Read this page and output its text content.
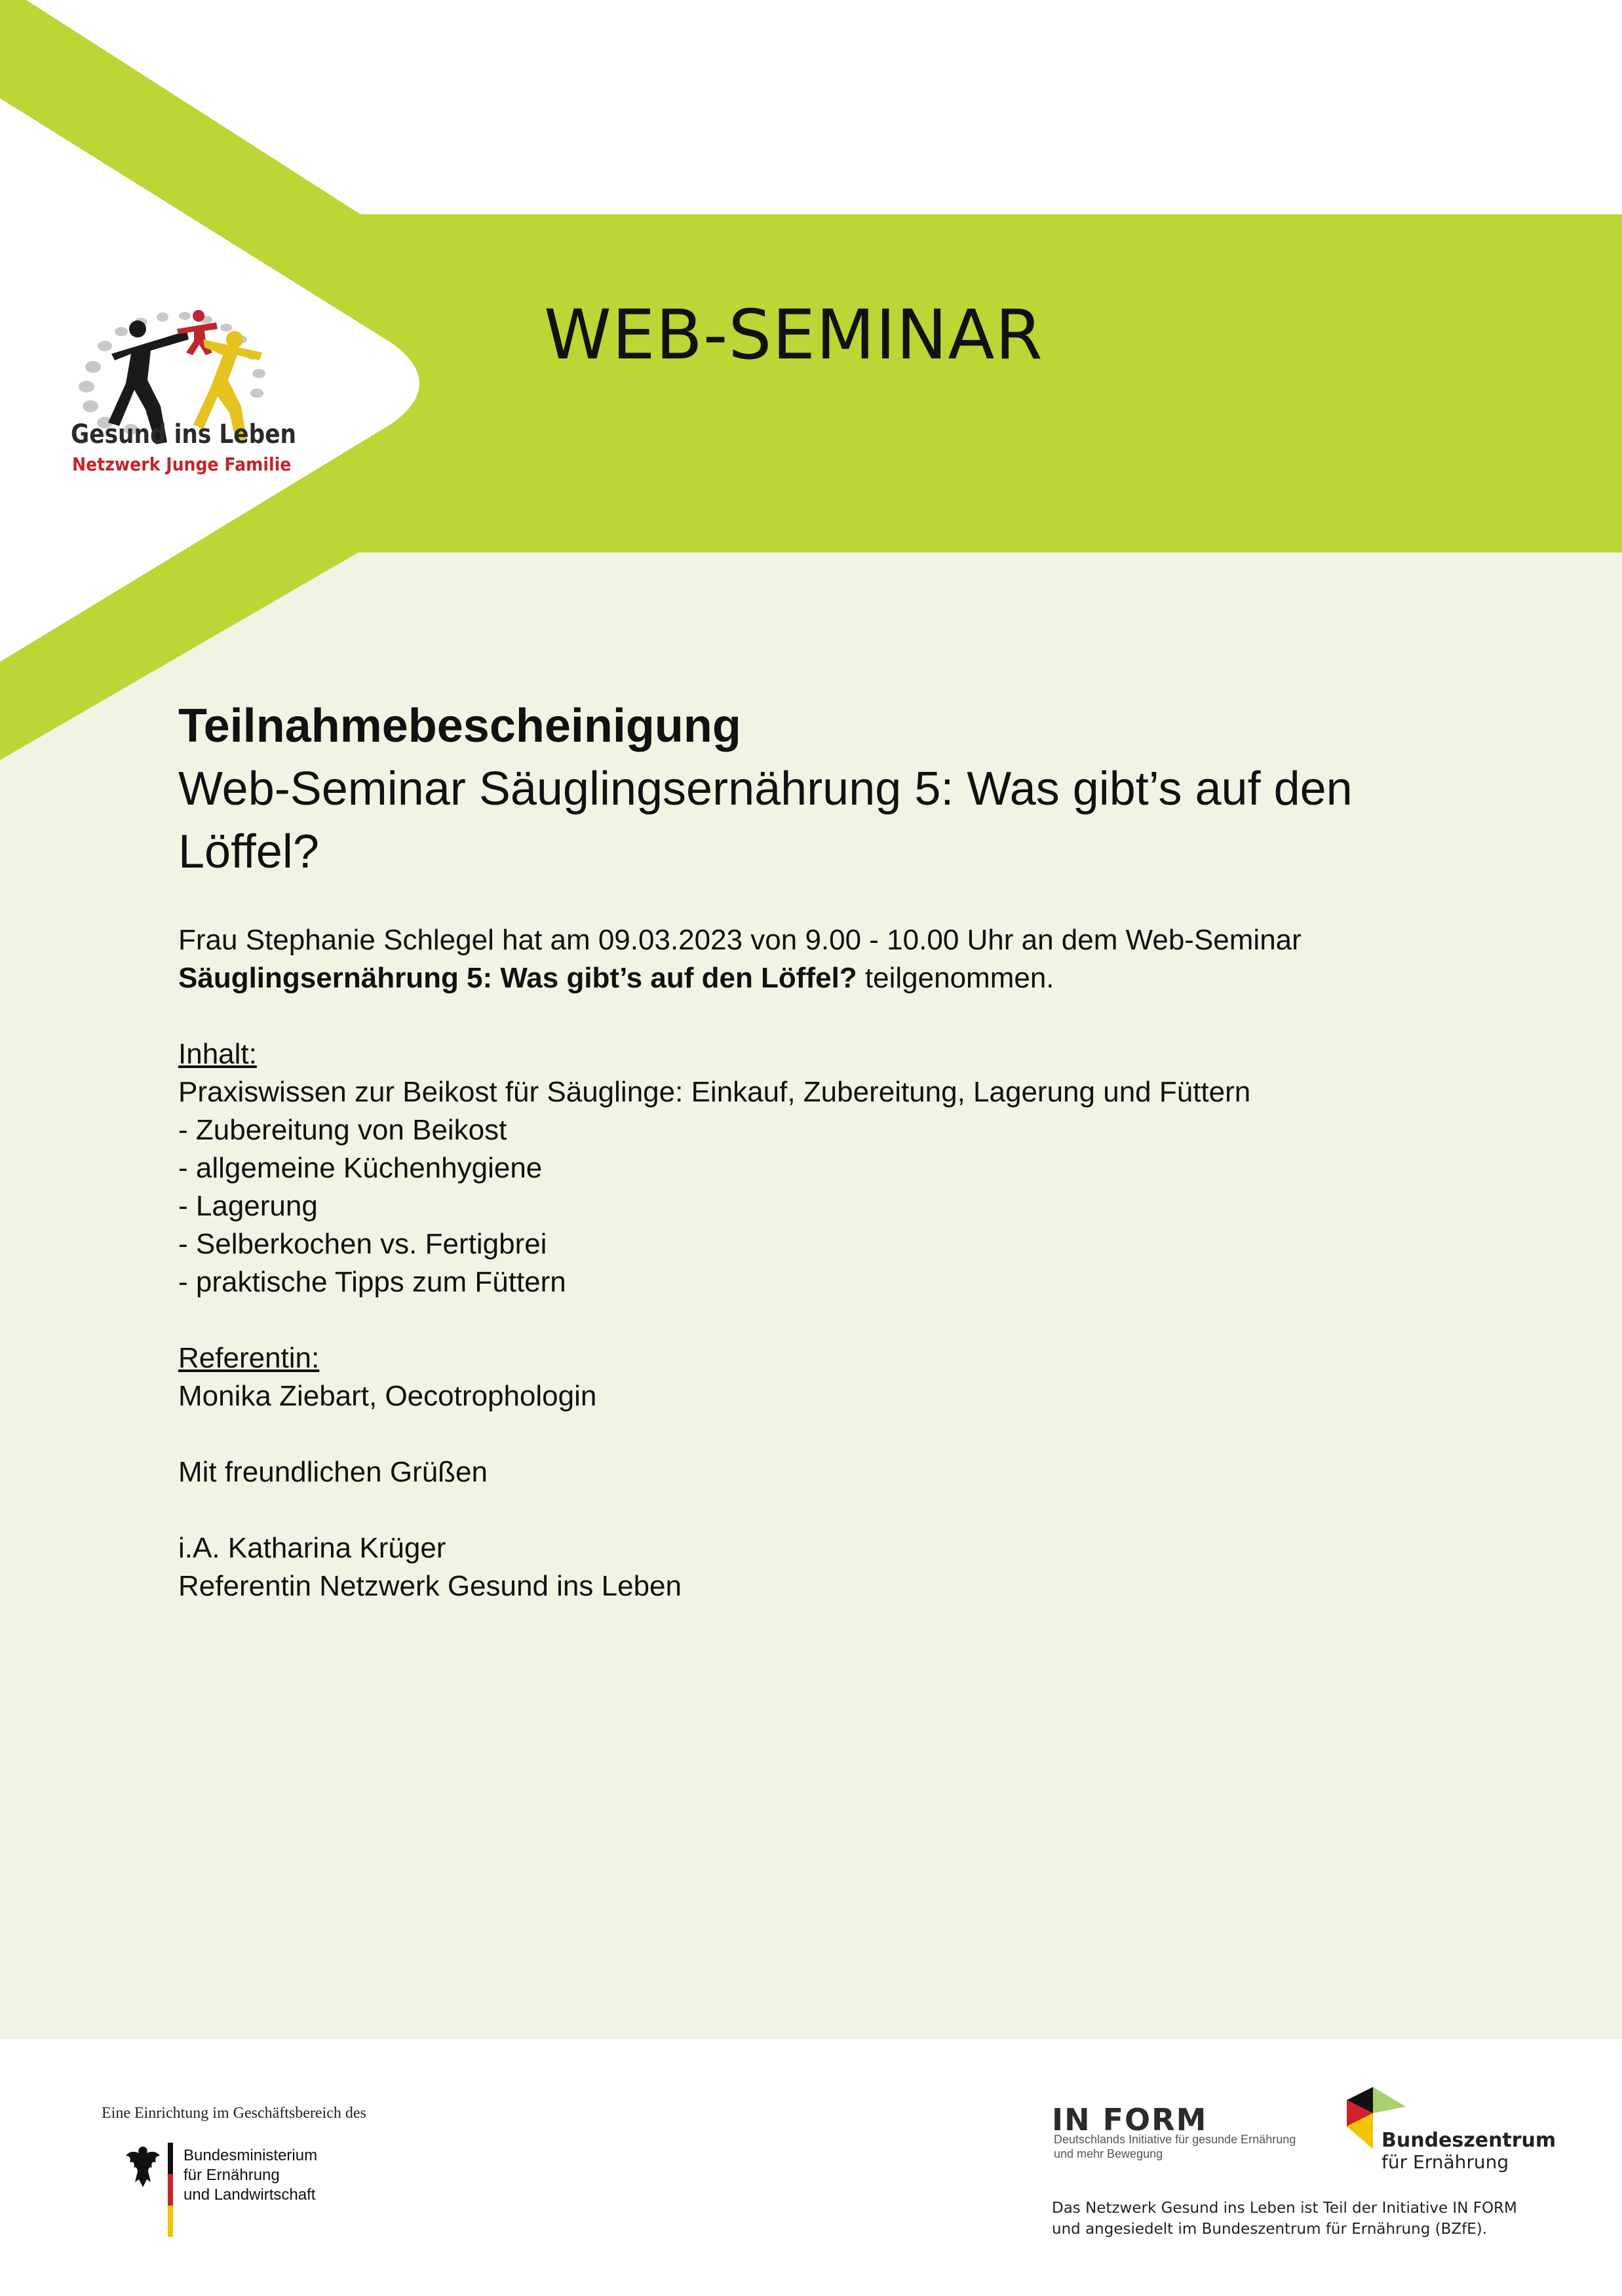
Gesund ins Leben
Netzwerk Junge Familie
WEB-SEMINAR

Teilnahmebescheinigung

Web-Seminar Säuglingsernährung 5: Was gibt’s auf den Löffel?

Frau Stephanie Schlegel hat am 09.03.2023 von 9.00 - 10.00 Uhr an dem Web-Seminar
Säuglingsernährung 5: Was gibt’s auf den Löffel? teilgenommen.

Inhalt:

Praxiswissen zur Beikost für Säuglinge: Einkauf, Zubereitung, Lagerung und Füttern

- Zubereitung von Beikost

- allgemeine Küchenhygiene

- Lagerung

- Selberkochen vs. Fertigbrei

- praktische Tipps zum Füttern

Referentin:

Monika Ziebart, Oecotrophologin

Mit freundlichen Grüßen

i.A. Katharina Krüger

Referentin Netzwerk Gesund ins Leben

Eine Einrichtung im Geschäftsbereich des
Bundesministerium
für Ernährung
und Landwirtschaft
IN FORM
Deutschlands Initiative für gesunde Ernährung
und mehr Bewegung
Bundeszentrum
für Ernährung
Das Netzwerk Gesund ins Leben ist Teil der Initiative IN FORM
und angesiedelt im Bundeszentrum für Ernährung (BZfE).
